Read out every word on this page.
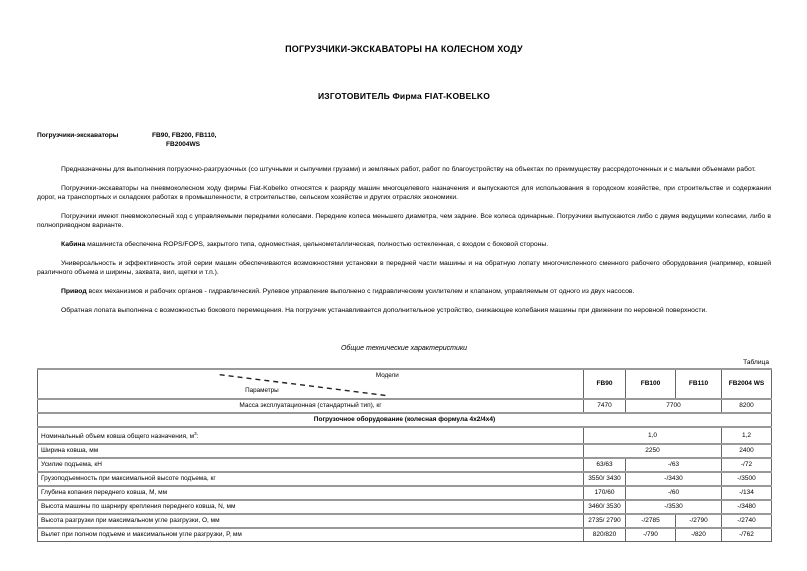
ПОГРУЗЧИКИ-ЭКСКАВАТОРЫ НА КОЛЕСНОМ ХОДУ
ИЗГОТОВИТЕЛЬ Фирма FIAT-KOBELKO
Погрузчики-экскаваторы	FB90, FB200, FB110,
FB2004WS

Предназначены для выполнения погрузочно-разгрузочных (со штучными и сыпучими грузами) и земляных работ, работ по благоустройству на объектах по преимуществу рассредоточенных и с малыми объемами работ.

Погрузчики-экскаваторы на пневмоколесном ходу фирмы Fiat-Kobelko относятся к разряду машин многоцелевого назначения и выпускаются для использования в городском хозяйстве, при строительстве и содержании дорог, на транспортных и складских работах в промышленности, в строительстве, сельском хозяйстве и других отраслях экономики.

Погрузчики имеют пневмоколесный ход с управляемыми передними колесами. Передние колеса меньшего диаметра, чем задние. Все колеса одинарные. Погрузчики выпускаются либо с двумя ведущими колесами, либо в полноприводном варианте.

Кабина машиниста обеспечена ROPS/FOPS, закрытого типа, одноместная, цельнометаллическая, полностью остекленная, с входом с боковой стороны.

Универсальность и эффективность этой серии машин обеспечиваются возможностями установки в передней части машины и на обратную лопату многочисленного сменного рабочего оборудования (например, ковшей различного объема и ширины, захвата, вил, щетки и т.п.).

Привод всех механизмов и рабочих органов - гидравлический. Рулевое управление выполнено с гидравлическим усилителем и клапаном, управляемым от одного из двух насосов.

Обратная лопата выполнена с возможностью бокового перемещения. На погрузчик устанавливается дополнительное устройство, снижающее колебания машины при движении по неровной поверхности.

Общие технические характеристики
Таблица
Модели
Параметры	FB90	FB100	FB110	FB2004 WS
Масса эксплуатационная (стандартный тип), кг	7470	7700		8200
Погрузочное оборудование (колесная формула 4х2/4х4)				
Номинальный объем ковша общего назначения, $м^3$:	1,0			1,2
Ширина ковша, мм	2250			2400
Усилие подъема, кН	63/63	-/63		-/72
Грузоподъемность при максимальной высоте подъема, кг	3550/ 3430	-/3430		-/3500
Глубина копания переднего ковша, М, мм	170/60	-/60		-/134
Высота машины по шарниру крепления переднего ковша, N, мм	3460/ 3530	-/3530		-/3480
Высота разгрузки при максимальном угле разгрузки, О, мм	2735/ 2790	-/2785	-/2790	-/2740
Вылет при полном подъеме и максимальном угле разгрузки, Р, мм	820/820	-/790	-/820	-/762
